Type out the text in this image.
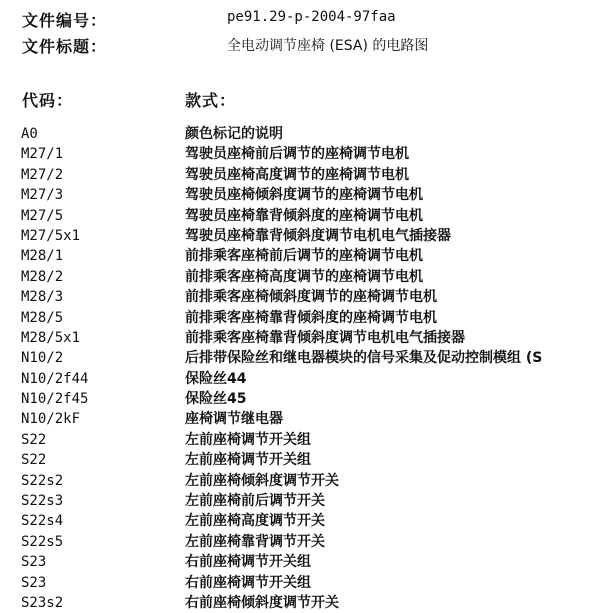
文件编号：	pe91.29-p-2004-97faa
文件标题：	全电动调节座椅 (ESA) 的电路图
代码：	款式：
A0	颜色标记的说明
M27/1	驾驶员座椅前后调节的座椅调节电机
M27/2	驾驶员座椅高度调节的座椅调节电机
M27/3	驾驶员座椅倾斜度调节的座椅调节电机
M27/5	驾驶员座椅靠背倾斜度的座椅调节电机
M27/5x1	驾驶员座椅靠背倾斜度调节电机电气插接器
M28/1	前排乘客座椅前后调节的座椅调节电机
M28/2	前排乘客座椅高度调节的座椅调节电机
M28/3	前排乘客座椅倾斜度调节的座椅调节电机
M28/5	前排乘客座椅靠背倾斜度的座椅调节电机
M28/5x1	前排乘客座椅靠背倾斜度调节电机电气插接器
N10/2	后排带保险丝和继电器模块的信号采集及促动控制模组 (S
N10/2f44	保险丝44
N10/2f45	保险丝45
N10/2kF	座椅调节继电器
S22	左前座椅调节开关组
S22	左前座椅调节开关组
S22s2	左前座椅倾斜度调节开关
S22s3	左前座椅前后调节开关
S22s4	左前座椅高度调节开关
S22s5	左前座椅靠背调节开关
S23	右前座椅调节开关组
S23	右前座椅调节开关组
S23s2	右前座椅倾斜度调节开关
